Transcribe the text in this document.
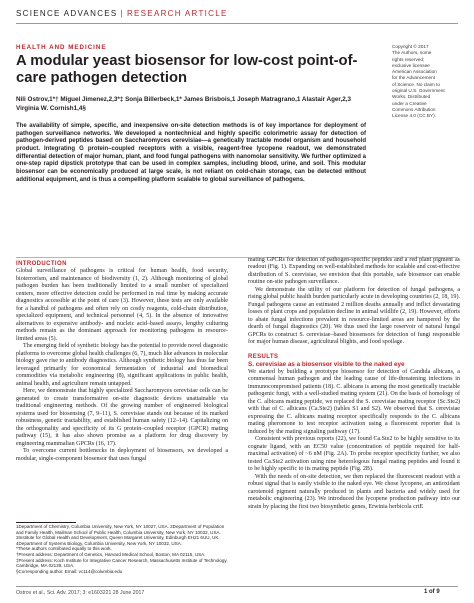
SCIENCE ADVANCES | RESEARCH ARTICLE
HEALTH AND MEDICINE
A modular yeast biosensor for low-cost point-of-care pathogen detection
Nili Ostrov,1*† Miguel Jimenez,2,3*‡ Sonja Billerbeck,1* James Brisbois,1 Joseph Matragrano,1 Alastair Ager,2,3 Virginia W. Cornish1,4§
The availability of simple, specific, and inexpensive on-site detection methods is of key importance for deployment of pathogen surveillance networks. We developed a nontechnical and highly specific colorimetric assay for detection of pathogen-derived peptides based on Saccharomyces cerevisiae—a genetically tractable model organism and household product. Integrating G protein–coupled receptors with a visible, reagent-free lycopene readout, we demonstrated differential detection of major human, plant, and food fungal pathogens with nanomolar sensitivity. We further optimized a one-step rapid dipstick prototype that can be used in complex samples, including blood, urine, and soil. This modular biosensor can be economically produced at large scale, is not reliant on cold-chain storage, can be detected without additional equipment, and is thus a compelling platform scalable to global surveillance of pathogens.
Copyright © 2017
The Authors, some
rights reserved;
exclusive licensee
American Association
for the Advancement
of Science. No claim to
original U.S. Government
Works. Distributed
under a Creative
Commons Attribution
License 4.0 (CC BY).
INTRODUCTION

Global surveillance of pathogens is critical for human health, food security, bioterrorism, and maintenance of biodiversity (1, 2). Although monitoring of global pathogen burden has been traditionally limited to a small number of specialized centers, more effective detection could be performed in real time by making accurate diagnostics accessible at the point of care (3). However, these tests are only available for a handful of pathogens and often rely on costly reagents, cold-chain distribution, specialized equipment, and technical personnel (4, 5). In the absence of innovative alternatives to expensive antibody- and nucleic acid–based assays, lengthy culturing methods remain as the dominant approach for monitoring pathogens in resource-limited areas (5).

The emerging field of synthetic biology has the potential to provide novel diagnostic platforms to overcome global health challenges (6, 7), much like advances in molecular biology gave rise to antibody diagnostics. Although synthetic biology has thus far been leveraged primarily for economical fermentation of industrial and biomedical commodities via metabolic engineering (8), significant applications in public health, animal health, and agriculture remain untapped.

Here, we demonstrate that highly specialized Saccharomyces cerevisiae cells can be generated to create transformative on-site diagnostic devices unattainable via traditional engineering methods. Of the growing number of engineered biological systems used for biosensing (7, 9–11), S. cerevisiae stands out because of its marked robustness, genetic tractability, and established human safety (12–14). Capitalizing on the orthogonality and specificity of its G protein–coupled receptor (GPCR) mating pathway (15), it has also shown promise as a platform for drug discovery by engineering mammalian GPCRs (16, 17).

To overcome current bottlenecks in deployment of biosensors, we developed a modular, single-component biosensor that uses fungal

1Department of Chemistry, Columbia University, New York, NY 10027, USA. 2Department of Population and Family Health, Mailman School of Public Health, Columbia University, New York, NY 10032, USA. 3Institute for Global Health and Development, Queen Margaret University, Edinburgh EH21 6UU, UK. 4Department of Systems Biology, Columbia University, New York, NY 10032, USA.
*These authors contributed equally to this work.
†Present address: Department of Genetics, Harvard Medical School, Boston, MA 02115, USA.
‡Present address: Koch Institute for Integrative Cancer Research, Massachusetts Institute of Technology, Cambridge, MA 02139, USA.
§Corresponding author. Email: vc114@columbia.edu

mating GPCRs for detection of pathogen-specific peptides and a red plant pigment as readout (Fig. 1). Expanding on well-established methods for scalable and cost-effective distribution of S. cerevisiae, we envision that this portable, safe biosensor can enable routine on-site pathogen surveillance.

We demonstrate the utility of our platform for detection of fungal pathogens, a rising global public health burden particularly acute in developing countries (2, 18, 19). Fungal pathogens cause an estimated 2 million deaths annually and inflict devastating losses of plant crops and population decline in animal wildlife (2, 19). However, efforts to abate fungal infections prevalent in resource-limited areas are hampered by the dearth of fungal diagnostics (20). We thus used the large reservoir of natural fungal GPCRs to construct S. cerevisiae–based biosensors for detection of fungi responsible for major human disease, agricultural blights, and food spoilage.

RESULTS
S. cerevisiae as a biosensor visible to the naked eye

We started by building a prototype biosensor for detection of Candida albicans, a commensal human pathogen and the leading cause of life-threatening infections in immunocompromised patients (18). C. albicans is among the most genetically tractable pathogenic fungi, with a well-studied mating system (21). On the basis of homology of the C. albicans mating peptide, we replaced the S. cerevisiae mating receptor (Sc.Ste2) with that of C. albicans (Ca.Ste2) (tables S1 and S2). We observed that S. cerevisiae expressing the C. albicans mating receptor specifically responds to the C. albicans mating pheromone to test receptor activation using a fluorescent reporter that is induced by the mating signaling pathway (17).

Consistent with previous reports (22), we found Ca.Ste2 to be highly sensitive to its cognate ligand, with an EC50 value (concentration of peptide required for half-maximal activation) of ~6 nM (Fig. 2A). To probe receptor specificity further, we also tested Ca.Ste2 activation using nine heterologous fungal mating peptides and found it to be highly specific to its mating peptide (Fig. 2B).

With the needs of on-site detection, we then replaced the fluorescent readout with a robust signal that is easily visible to the naked eye. We chose lycopene, an antioxidant carotenoid pigment naturally produced in plants and bacteria and widely used for metabolic engineering (23). We introduced the lycopene production pathway into our strain by placing the first two biosynthetic genes, Erwinia herbicola crtE

Ostrov et al., Sci. Adv. 2017; 3: e1603221 28 June 2017	1 of 9
